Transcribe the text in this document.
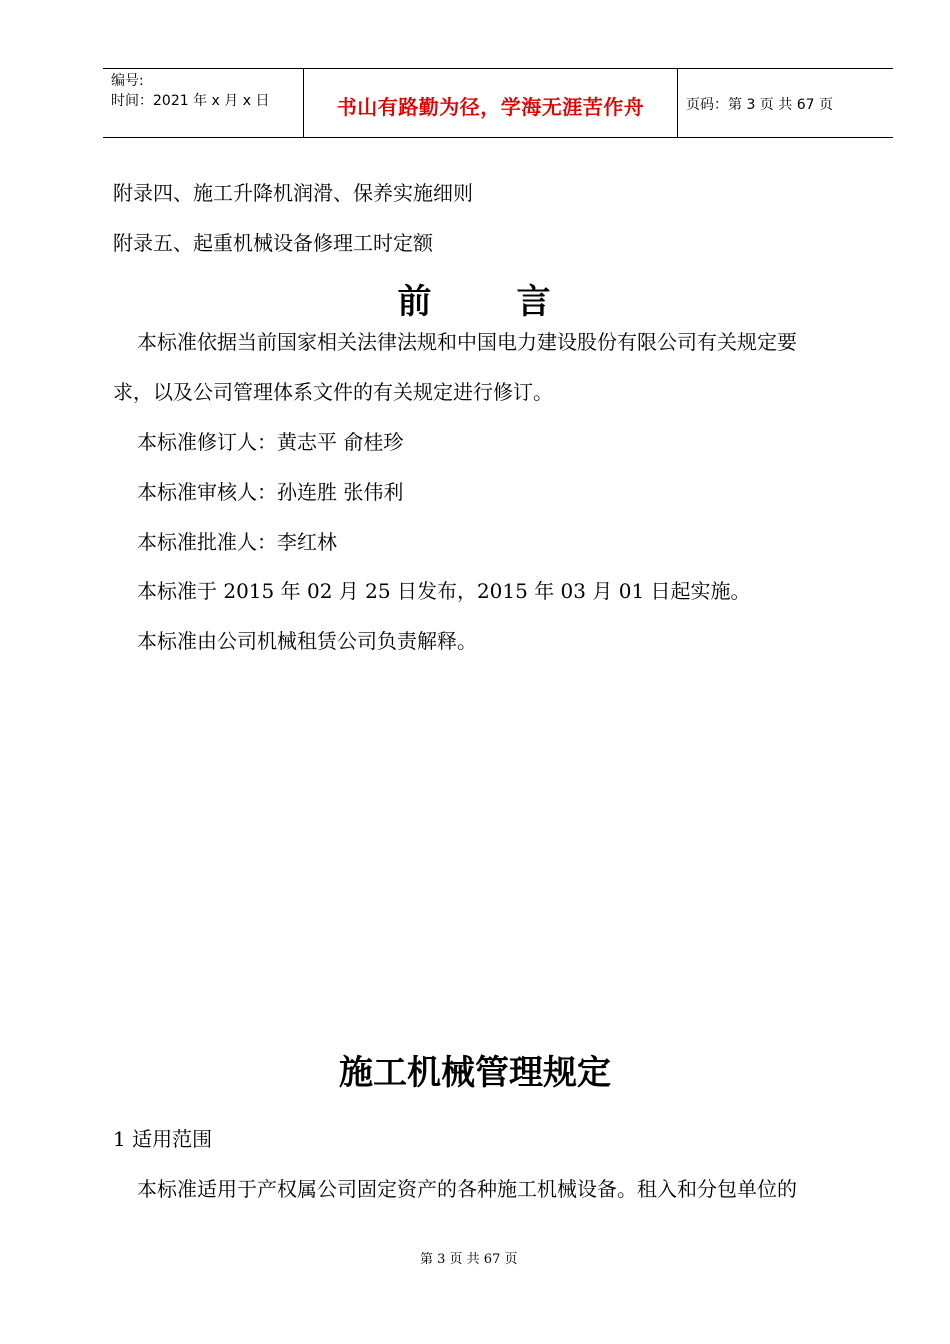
编号:
时间：2021 年 x 月 x 日	书山有路勤为径，学海无涯苦作舟	页码：第 3 页 共 67 页
附录四、施工升降机润滑、保养实施细则
附录五、起重机械设备修理工时定额
前      言
本标准依据当前国家相关法律法规和中国电力建设股份有限公司有关规定要
求，以及公司管理体系文件的有关规定进行修订。
本标准修订人：黄志平 俞桂珍
本标准审核人：孙连胜 张伟利
本标准批准人：李红林
本标准于 2015 年 02 月 25 日发布，2015 年 03 月 01 日起实施。
本标准由公司机械租赁公司负责解释。
施工机械管理规定
1 适用范围
本标准适用于产权属公司固定资产的各种施工机械设备。租入和分包单位的
第 3 页 共 67 页
